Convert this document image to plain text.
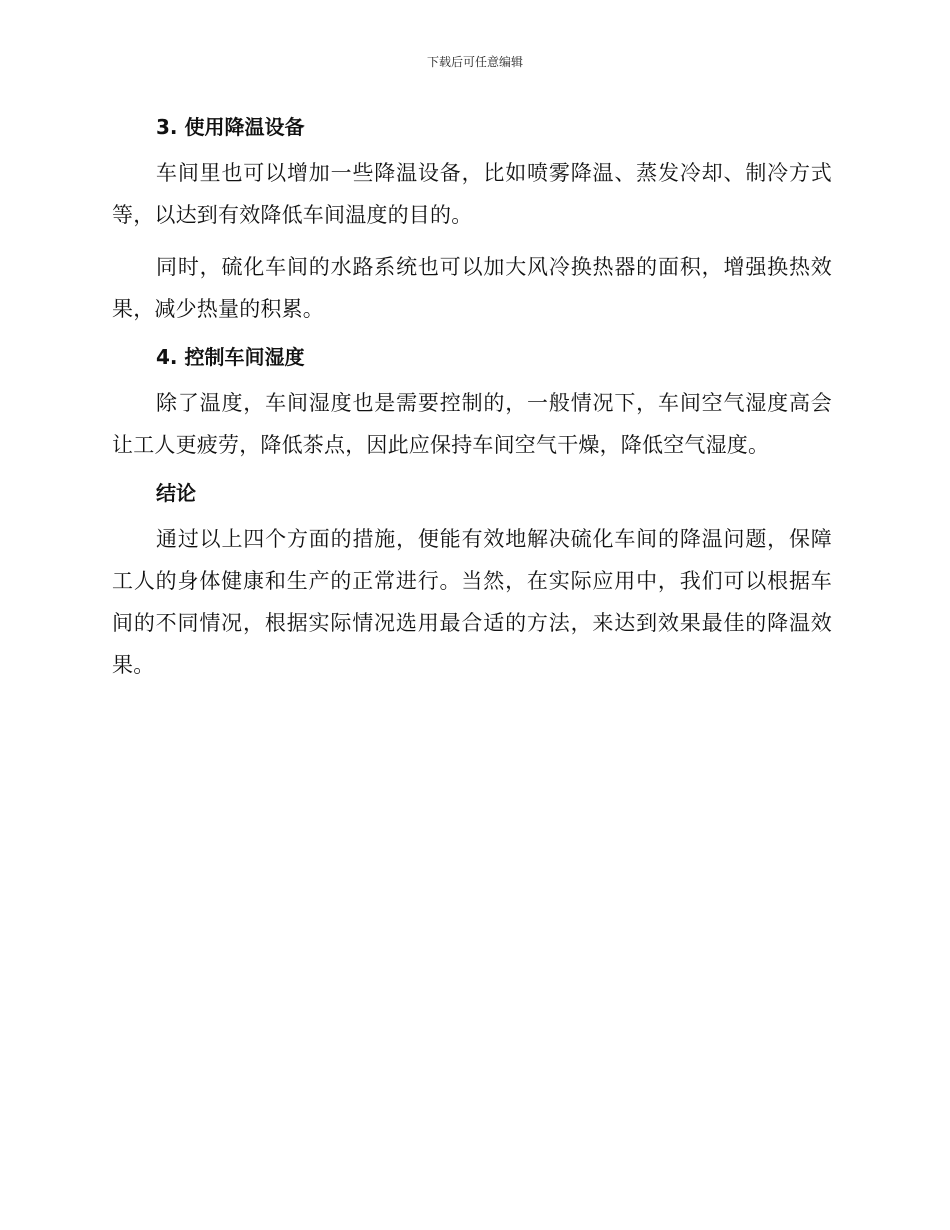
下载后可任意编辑
3. 使用降温设备

车间里也可以增加一些降温设备，比如喷雾降温、蒸发冷却、制冷方式等，以达到有效降低车间温度的目的。

同时，硫化车间的水路系统也可以加大风冷换热器的面积，增强换热效果，减少热量的积累。

4. 控制车间湿度

除了温度，车间湿度也是需要控制的，一般情况下，车间空气湿度高会让工人更疲劳，降低茶点，因此应保持车间空气干燥，降低空气湿度。

结论

通过以上四个方面的措施，便能有效地解决硫化车间的降温问题，保障工人的身体健康和生产的正常进行。当然，在实际应用中，我们可以根据车间的不同情况，根据实际情况选用最合适的方法，来达到效果最佳的降温效果。
